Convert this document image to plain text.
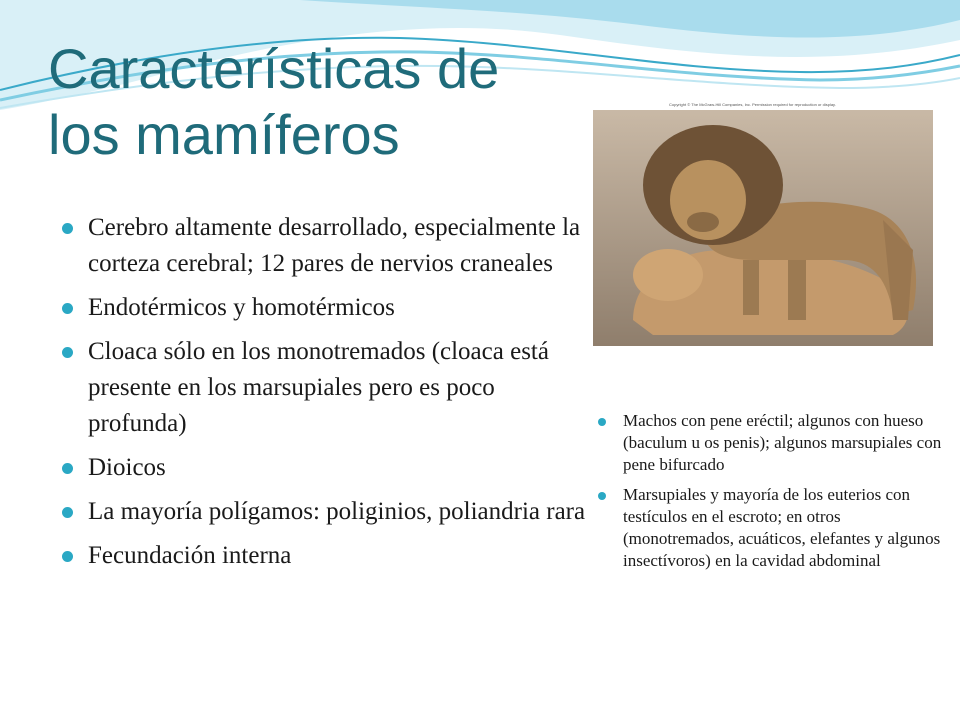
Características de
los mamíferos	Copyright © The McGraw-Hill Companies, Inc. Permission required for reproduction or display.
Cerebro altamente desarrollado, especialmente la corteza cerebral; 12 pares de nervios craneales
Endotérmicos y homotérmicos
Cloaca sólo en los monotremados (cloaca está presente en los marsupiales pero es poco profunda)
Dioicos
La mayoría polígamos: poliginios, poliandria rara
Fecundación interna
Machos con pene eréctil; algunos con hueso (baculum u os penis); algunos marsupiales con pene bifurcado
Marsupiales y mayoría de los euterios con testículos en el escroto; en otros (monotremados, acuáticos, elefantes y algunos insectívoros) en la cavidad abdominal
